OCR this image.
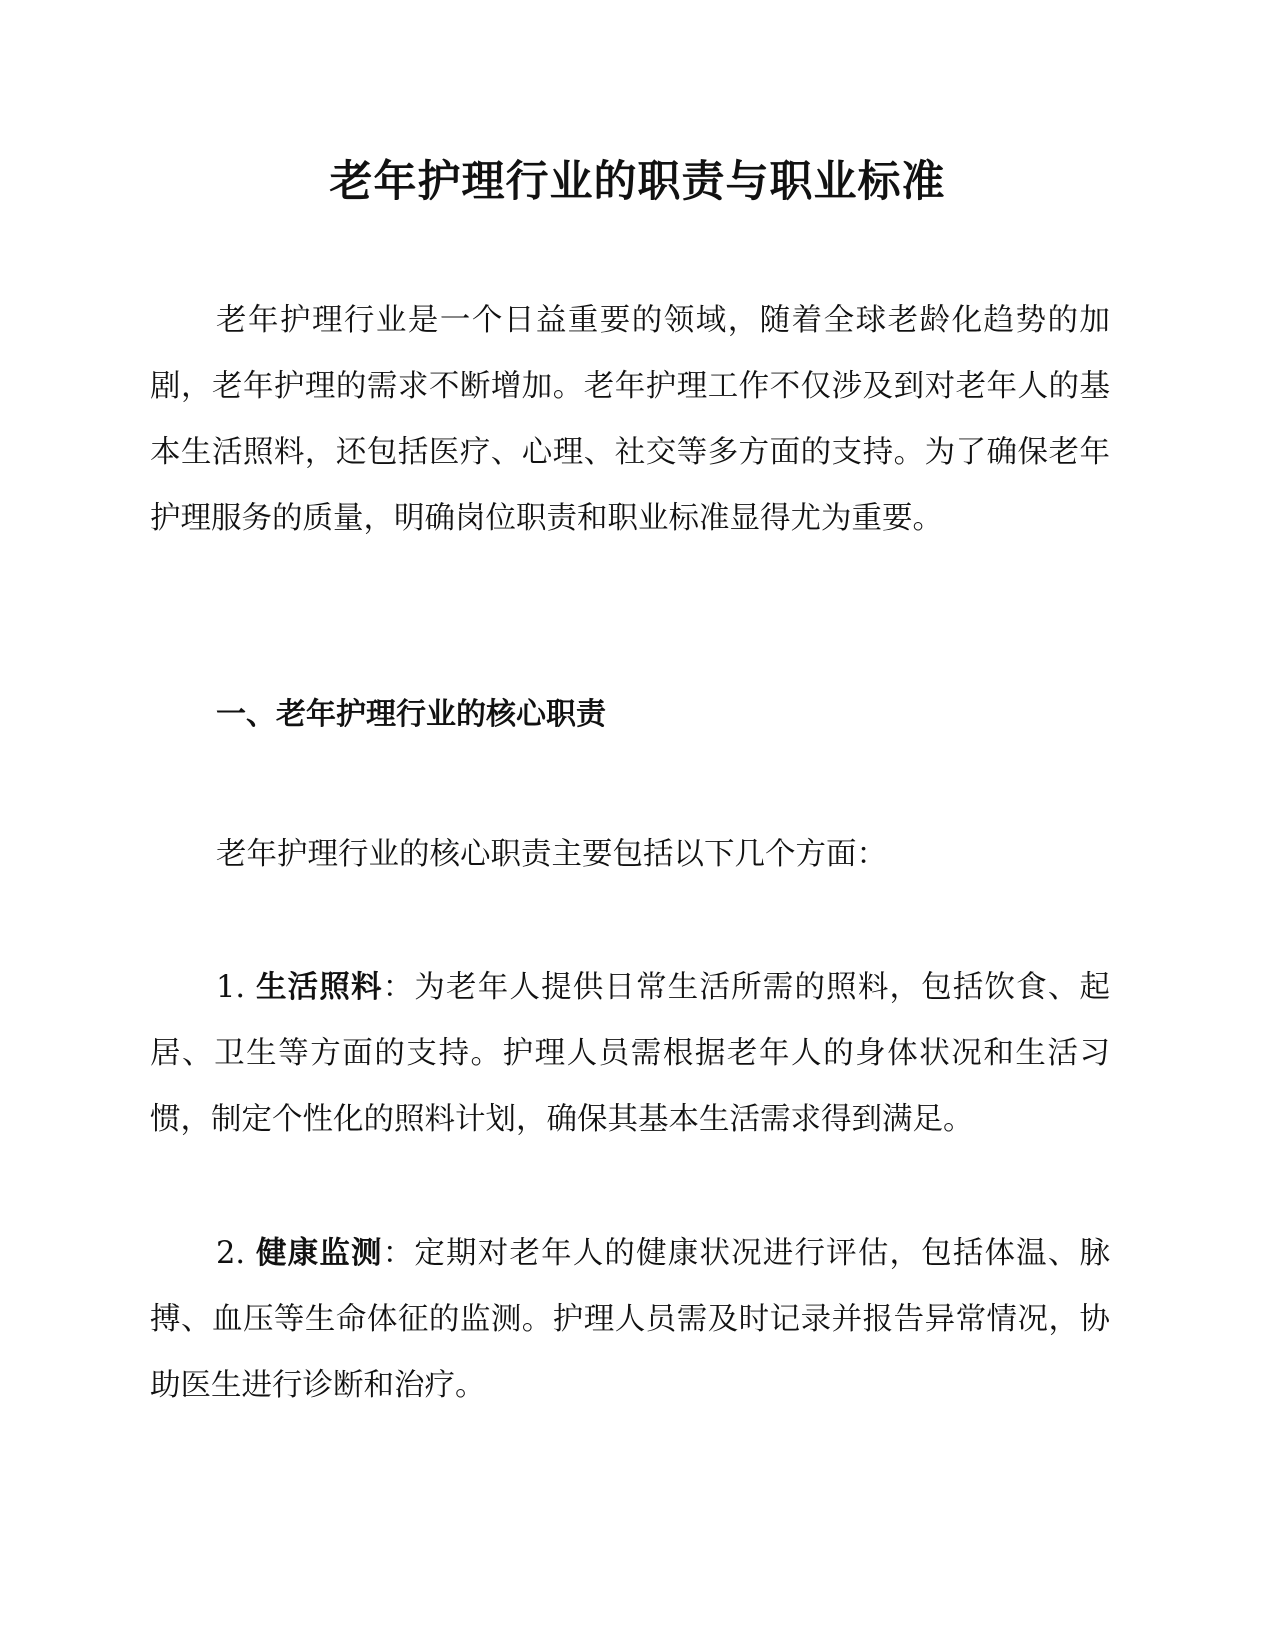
老年护理行业的职责与职业标准

老年护理行业是一个日益重要的领域，随着全球老龄化趋势的加剧，老年护理的需求不断增加。老年护理工作不仅涉及到对老年人的基本生活照料，还包括医疗、心理、社交等多方面的支持。为了确保老年护理服务的质量，明确岗位职责和职业标准显得尤为重要。

一、老年护理行业的核心职责

老年护理行业的核心职责主要包括以下几个方面：

1. 生活照料：为老年人提供日常生活所需的照料，包括饮食、起居、卫生等方面的支持。护理人员需根据老年人的身体状况和生活习惯，制定个性化的照料计划，确保其基本生活需求得到满足。

2. 健康监测：定期对老年人的健康状况进行评估，包括体温、脉搏、血压等生命体征的监测。护理人员需及时记录并报告异常情况，协助医生进行诊断和治疗。
